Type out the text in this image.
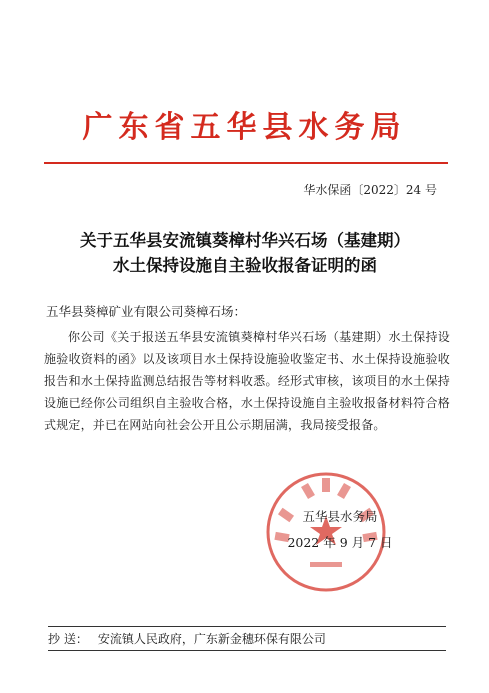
广东省五华县水务局
华水保函〔2022〕24 号
关于五华县安流镇葵樟村华兴石场（基建期）
水土保持设施自主验收报备证明的函
五华县葵樟矿业有限公司葵樟石场：

你公司《关于报送五华县安流镇葵樟村华兴石场（基建期）水土保持设施验收资料的函》以及该项目水土保持设施验收鉴定书、水土保持设施验收报告和水土保持监测总结报告等材料收悉。经形式审核，该项目的水土保持设施已经你公司组织自主验收合格，水土保持设施自主验收报备材料符合格式规定，并已在网站向社会公开且公示期届满，我局接受报备。

五华县水务局
2022 年 9 月 7 日
抄 送： 安流镇人民政府，广东新金穗环保有限公司
